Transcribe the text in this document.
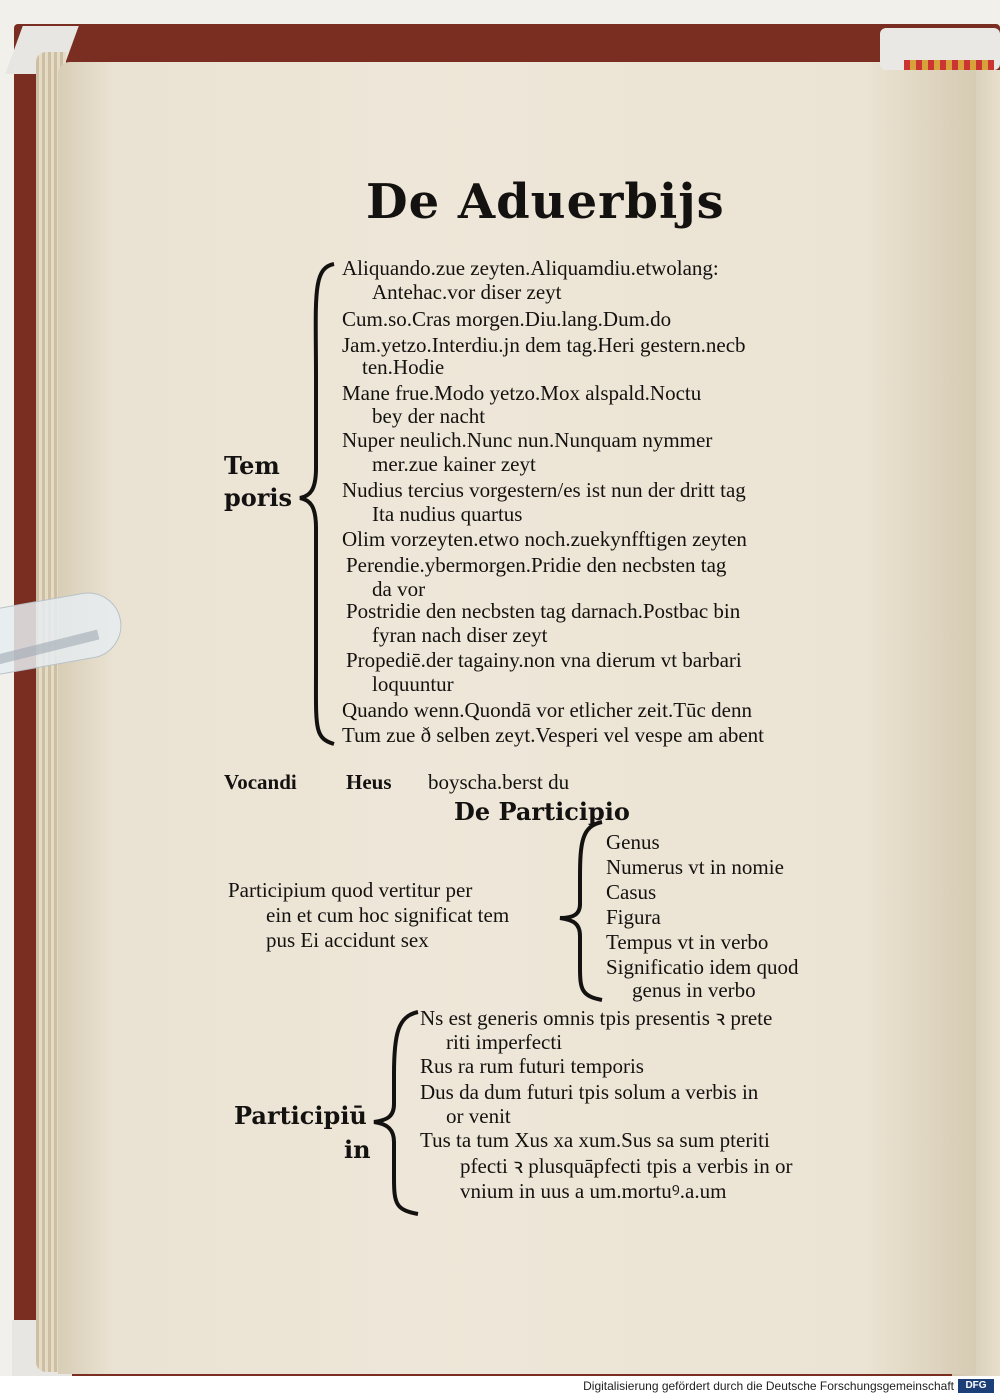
De Aduerbijs
Tem
poris
Aliquando.zue zeyten.Aliquamdiu.etwolang:
Antehac.vor diser zeyt
Cum.so.Cras morgen.Diu.lang.Dum.do
Jam.yetzo.Interdiu.jn dem tag.Heri gestern.necb
ten.Hodie
Mane frue.Modo yetzo.Mox alspald.Noctu
bey der nacht
Nuper neulich.Nunc nun.Nunquam nymmer
mer.zue kainer zeyt
Nudius tercius vorgestern/es ist nun der dritt tag
Ita nudius quartus
Olim vorzeyten.etwo noch.zuekynfftigen zeyten
Perendie.ybermorgen.Pridie den necbsten tag
da vor
Postridie den necbsten tag darnach.Postbac bin
fyran nach diser zeyt
Propediē.der tagainy.non vna dierum vt barbari
loquuntur
Quando wenn.Quondā vor etlicher zeit.Tūc denn
Tum zue ð selben zeyt.Vesperi vel vespe am abent
Vocandi Heus boyscha.berst du
De Participio
Participium quod vertitur per
ein et cum hoc significat tem
pus Ei accidunt sex
Genus
Numerus vt in nomie
Casus
Figura
Tempus vt in verbo
Significatio idem quod
genus in verbo
Participiū
in
Ns est generis omnis tpis presentis ꝛ prete
riti imperfecti
Rus ra rum futuri temporis
Dus da dum futuri tpis solum a verbis in
or venit
Tus ta tum Xus xa xum.Sus sa sum pteriti
pfecti ꝛ plusquāpfecti tpis a verbis in or
vnium in uus a um.mortuꝰ.a.um
Digitalisierung gefördert durch die Deutsche Forschungsgemeinschaft	DFG
